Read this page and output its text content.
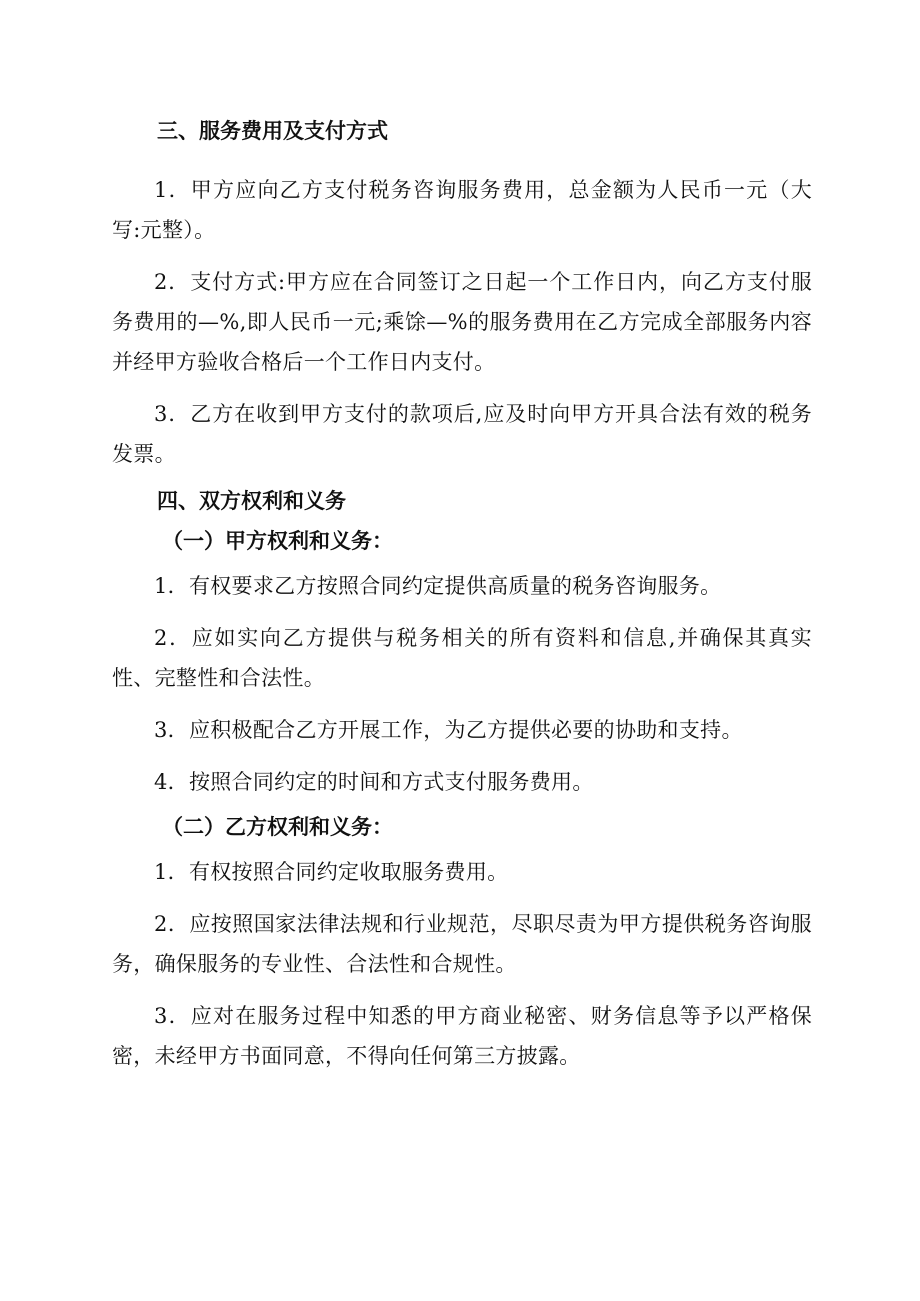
三、服务费用及支付方式

1．甲方应向乙方支付税务咨询服务费用，总金额为人民币一元（大写:元整）。

2．支付方式:甲方应在合同签订之日起一个工作日内，向乙方支付服务费用的—%,即人民币一元;乘馀—%的服务费用在乙方完成全部服务内容并经甲方验收合格后一个工作日内支付。

3．乙方在收到甲方支付的款项后,应及时向甲方开具合法有效的税务发票。

四、双方权利和义务

（一）甲方权利和义务：

1．有权要求乙方按照合同约定提供高质量的税务咨询服务。

2．应如实向乙方提供与税务相关的所有资料和信息,并确保其真实性、完整性和合法性。

3．应积极配合乙方开展工作，为乙方提供必要的协助和支持。

4．按照合同约定的时间和方式支付服务费用。

（二）乙方权利和义务：

1．有权按照合同约定收取服务费用。

2．应按照国家法律法规和行业规范，尽职尽责为甲方提供税务咨询服务，确保服务的专业性、合法性和合规性。

3．应对在服务过程中知悉的甲方商业秘密、财务信息等予以严格保密，未经甲方书面同意，不得向任何第三方披露。
